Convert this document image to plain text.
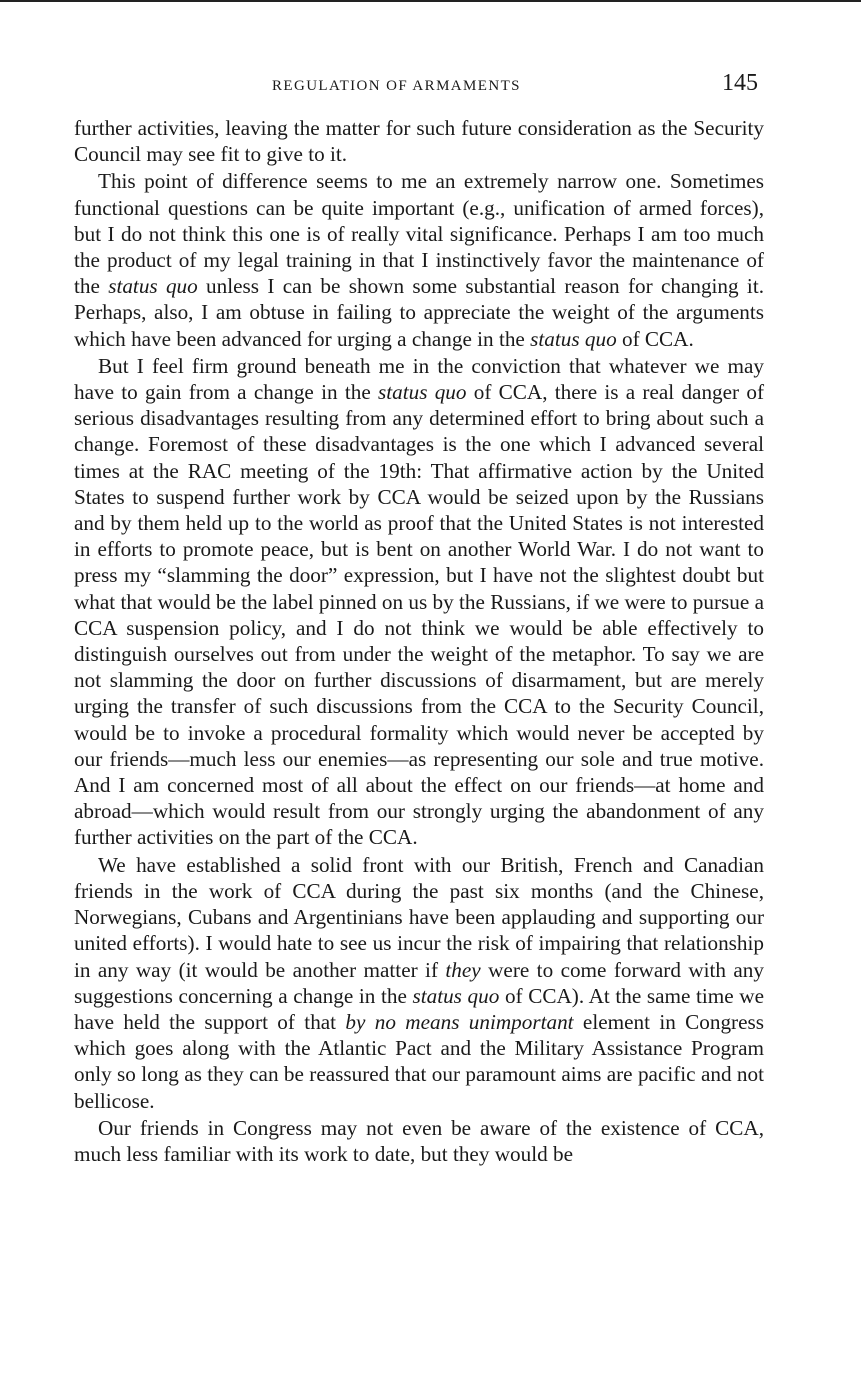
REGULATION OF ARMAMENTS	145

further activities, leaving the matter for such future consideration as the Security Council may see fit to give to it.

This point of difference seems to me an extremely narrow one. Sometimes functional questions can be quite important (e.g., unification of armed forces), but I do not think this one is of really vital significance. Perhaps I am too much the product of my legal training in that I instinctively favor the maintenance of the status quo unless I can be shown some substantial reason for changing it. Perhaps, also, I am obtuse in failing to appreciate the weight of the arguments which have been advanced for urging a change in the status quo of CCA.

But I feel firm ground beneath me in the conviction that whatever we may have to gain from a change in the status quo of CCA, there is a real danger of serious disadvantages resulting from any determined effort to bring about such a change. Foremost of these disadvantages is the one which I advanced several times at the RAC meeting of the 19th: That affirmative action by the United States to suspend further work by CCA would be seized upon by the Russians and by them held up to the world as proof that the United States is not interested in efforts to promote peace, but is bent on another World War. I do not want to press my “slamming the door” expression, but I have not the slightest doubt but what that would be the label pinned on us by the Russians, if we were to pursue a CCA suspension policy, and I do not think we would be able effectively to distinguish ourselves out from under the weight of the metaphor. To say we are not slamming the door on further discussions of disarmament, but are merely urging the transfer of such discussions from the CCA to the Security Council, would be to invoke a procedural formality which would never be accepted by our friends—much less our enemies—as representing our sole and true motive. And I am concerned most of all about the effect on our friends—at home and abroad—which would result from our strongly urging the abandonment of any further activities on the part of the CCA.

We have established a solid front with our British, French and Canadian friends in the work of CCA during the past six months (and the Chinese, Norwegians, Cubans and Argentinians have been applauding and supporting our united efforts). I would hate to see us incur the risk of impairing that relationship in any way (it would be another matter if they were to come forward with any suggestions concerning a change in the status quo of CCA). At the same time we have held the support of that by no means unimportant element in Congress which goes along with the Atlantic Pact and the Military Assistance Program only so long as they can be reassured that our paramount aims are pacific and not bellicose.

Our friends in Congress may not even be aware of the existence of CCA, much less familiar with its work to date, but they would be
